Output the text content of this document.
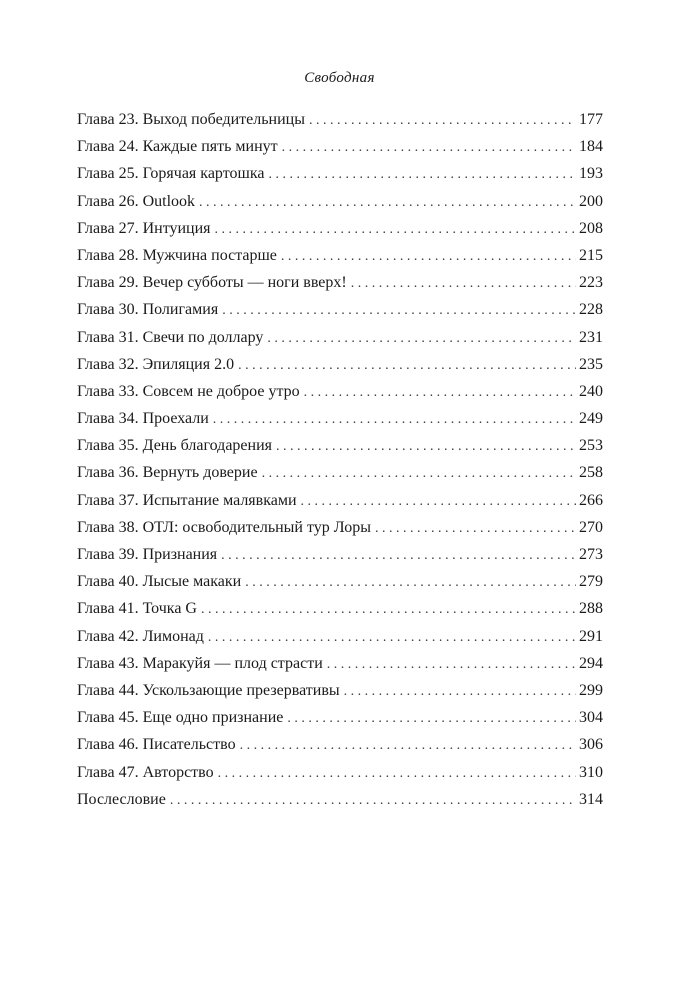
Свободная
Глава 23. Выход победительницы . . .	177
Глава 24. Каждые пять минут . . .	184
Глава 25. Горячая картошка . . .	193
Глава 26. Outlook . . .	200
Глава 27. Интуиция . . .	208
Глава 28. Мужчина постарше . . .	215
Глава 29. Вечер субботы — ноги вверх! . . .	223
Глава 30. Полигамия . . .	228
Глава 31. Свечи по доллару . . .	231
Глава 32. Эпиляция 2.0 . . .	235
Глава 33. Совсем не доброе утро . . .	240
Глава 34. Проехали . . .	249
Глава 35. День благодарения . . .	253
Глава 36. Вернуть доверие . . .	258
Глава 37. Испытание малявками . . .	266
Глава 38. ОТЛ: освободительный тур Лоры . . .	270
Глава 39. Признания . . .	273
Глава 40. Лысые макаки . . .	279
Глава 41. Точка G . . .	288
Глава 42. Лимонад . . .	291
Глава 43. Маракуйя — плод страсти . . .	294
Глава 44. Ускользающие презервативы . . .	299
Глава 45. Еще одно признание . . .	304
Глава 46. Писательство . . .	306
Глава 47. Авторство . . .	310
Послесловие . . .	314
